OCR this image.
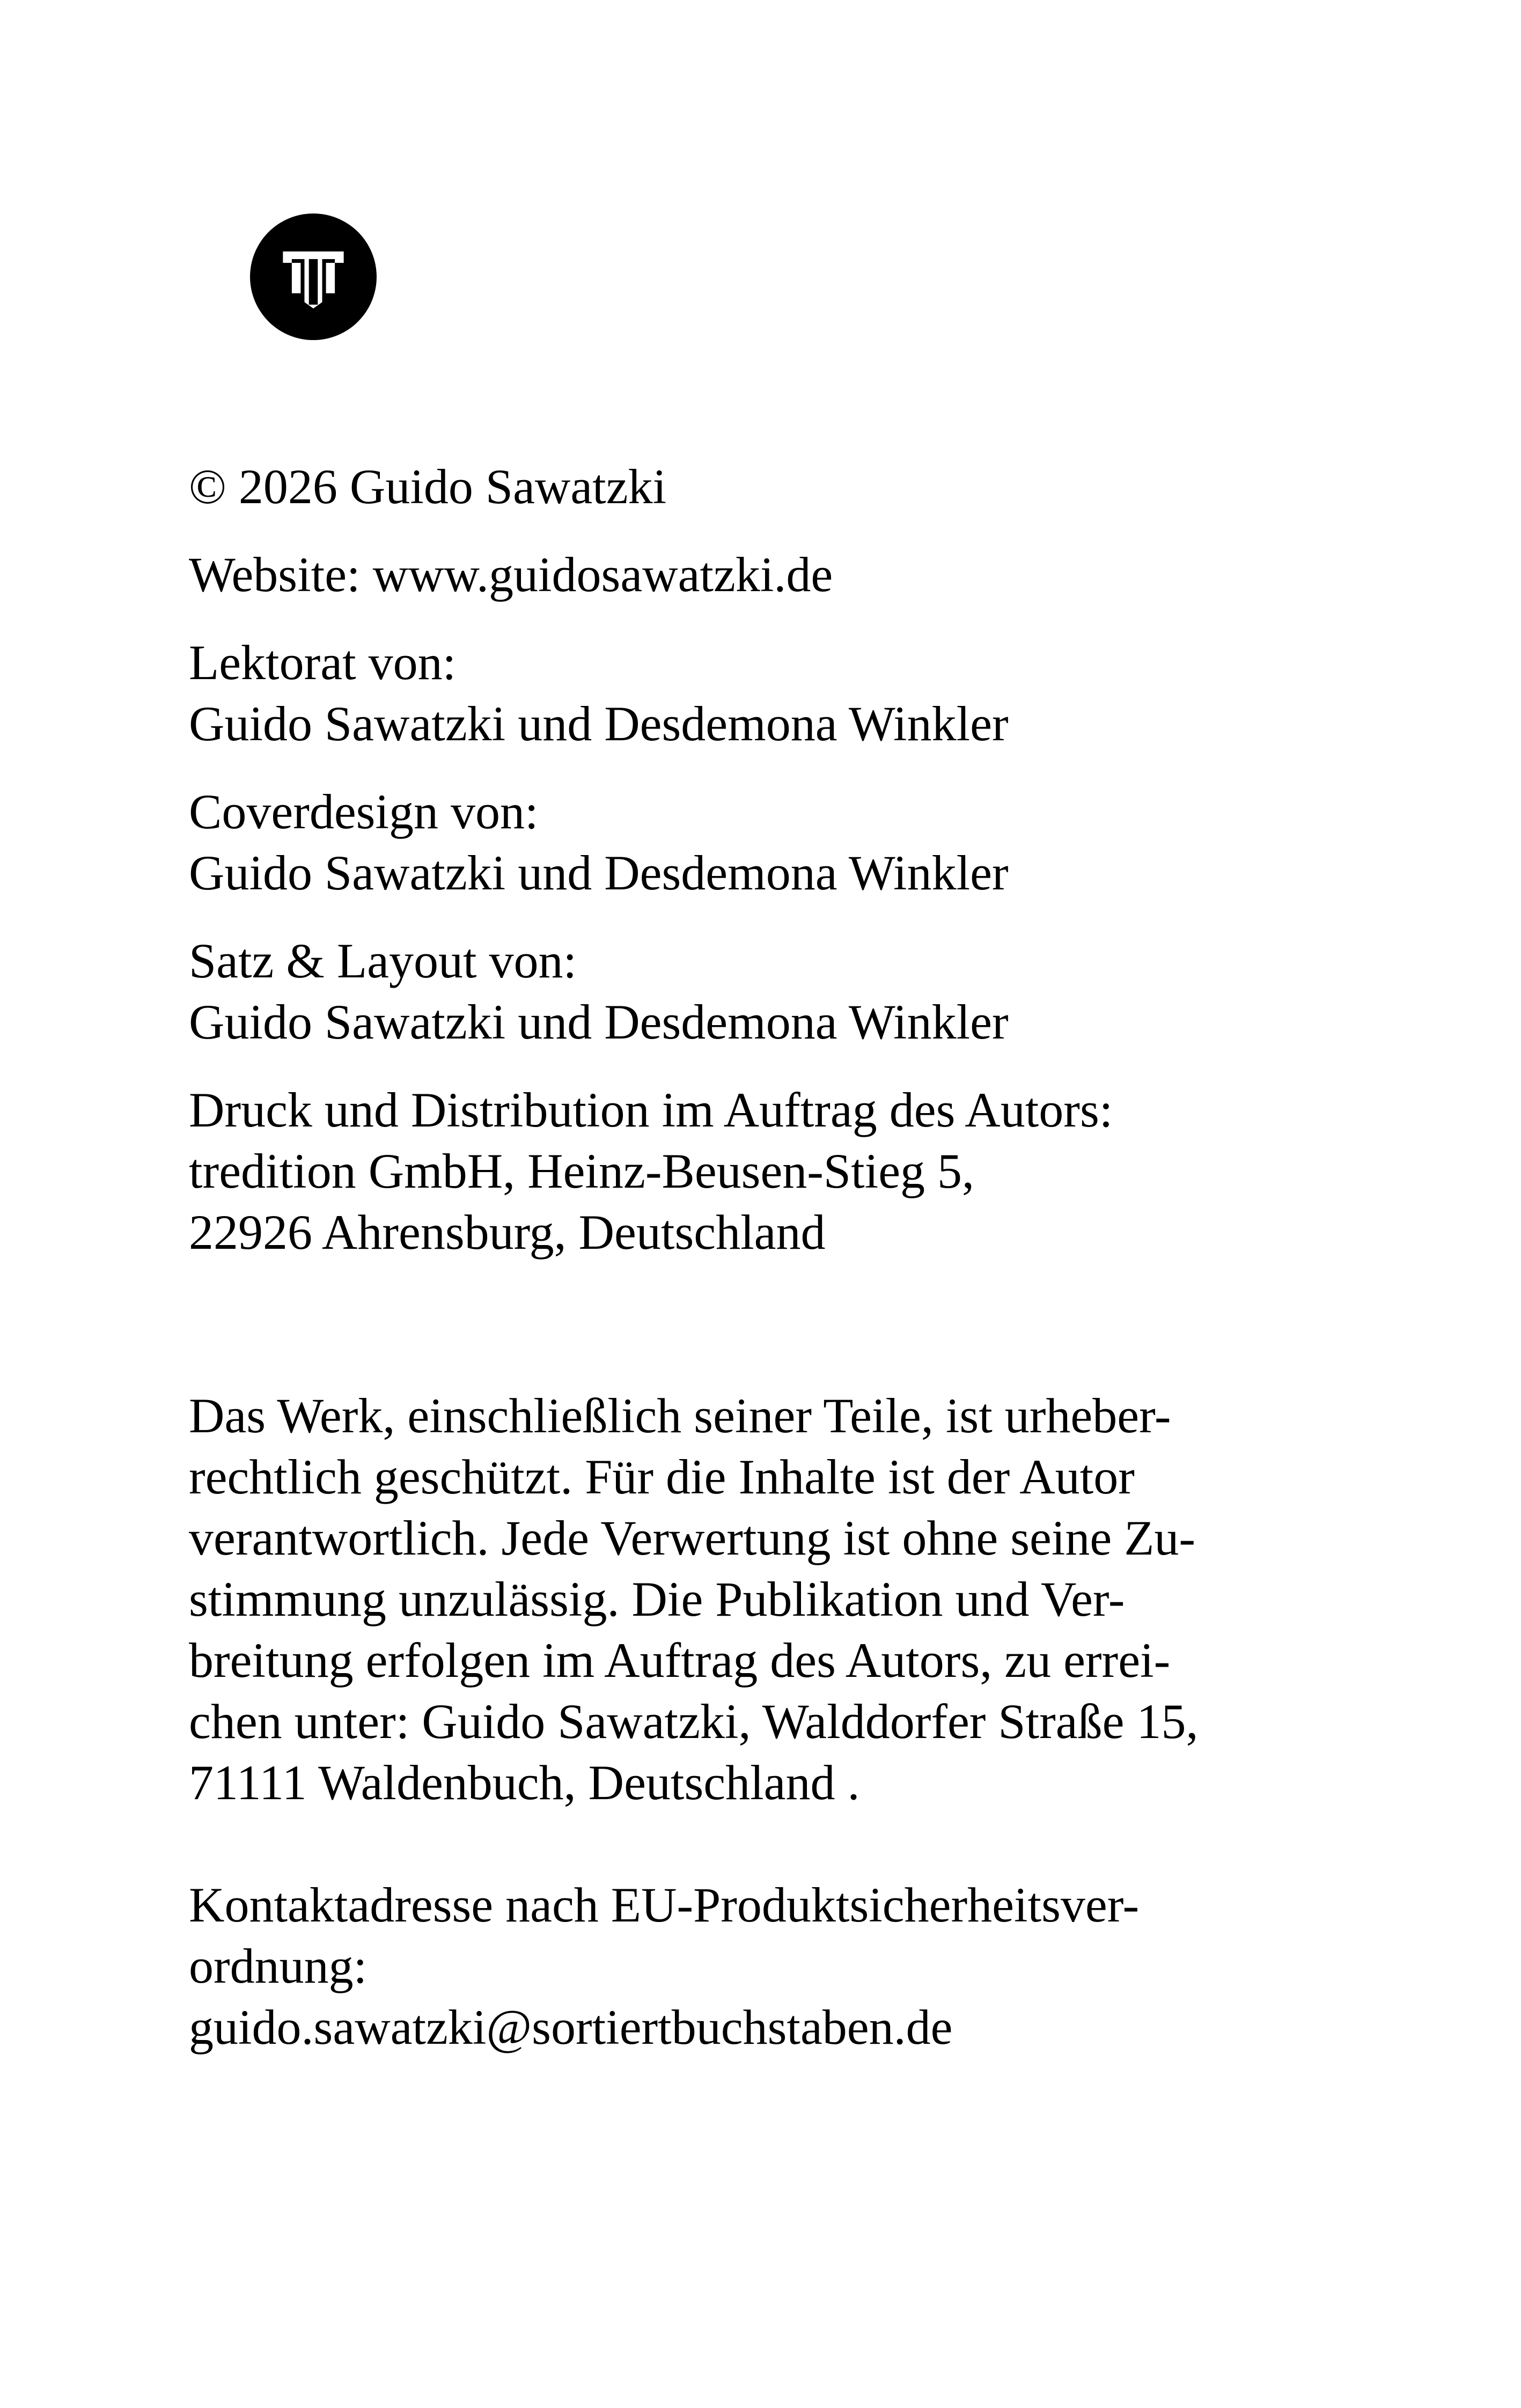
© 2026 Guido Sawatzki
Website: www.guidosawatzki.de
Lektorat von:
Guido Sawatzki und Desdemona Winkler
Coverdesign von:
Guido Sawatzki und Desdemona Winkler
Satz & Layout von:
Guido Sawatzki und Desdemona Winkler
Druck und Distribution im Auftrag des Autors:
tredition GmbH, Heinz-Beusen-Stieg 5,
22926 Ahrensburg, Deutschland
Das Werk, einschließlich seiner Teile, ist urheber-
rechtlich geschützt. Für die Inhalte ist der Autor
verantwortlich. Jede Verwertung ist ohne seine Zu-
stimmung unzulässig. Die Publikation und Ver-
breitung erfolgen im Auftrag des Autors, zu errei-
chen unter: Guido Sawatzki, Walddorfer Straße 15,
71111 Waldenbuch, Deutschland .
Kontaktadresse nach EU-Produktsicherheitsver-
ordnung:
guido.sawatzki@sortiertbuchstaben.de
